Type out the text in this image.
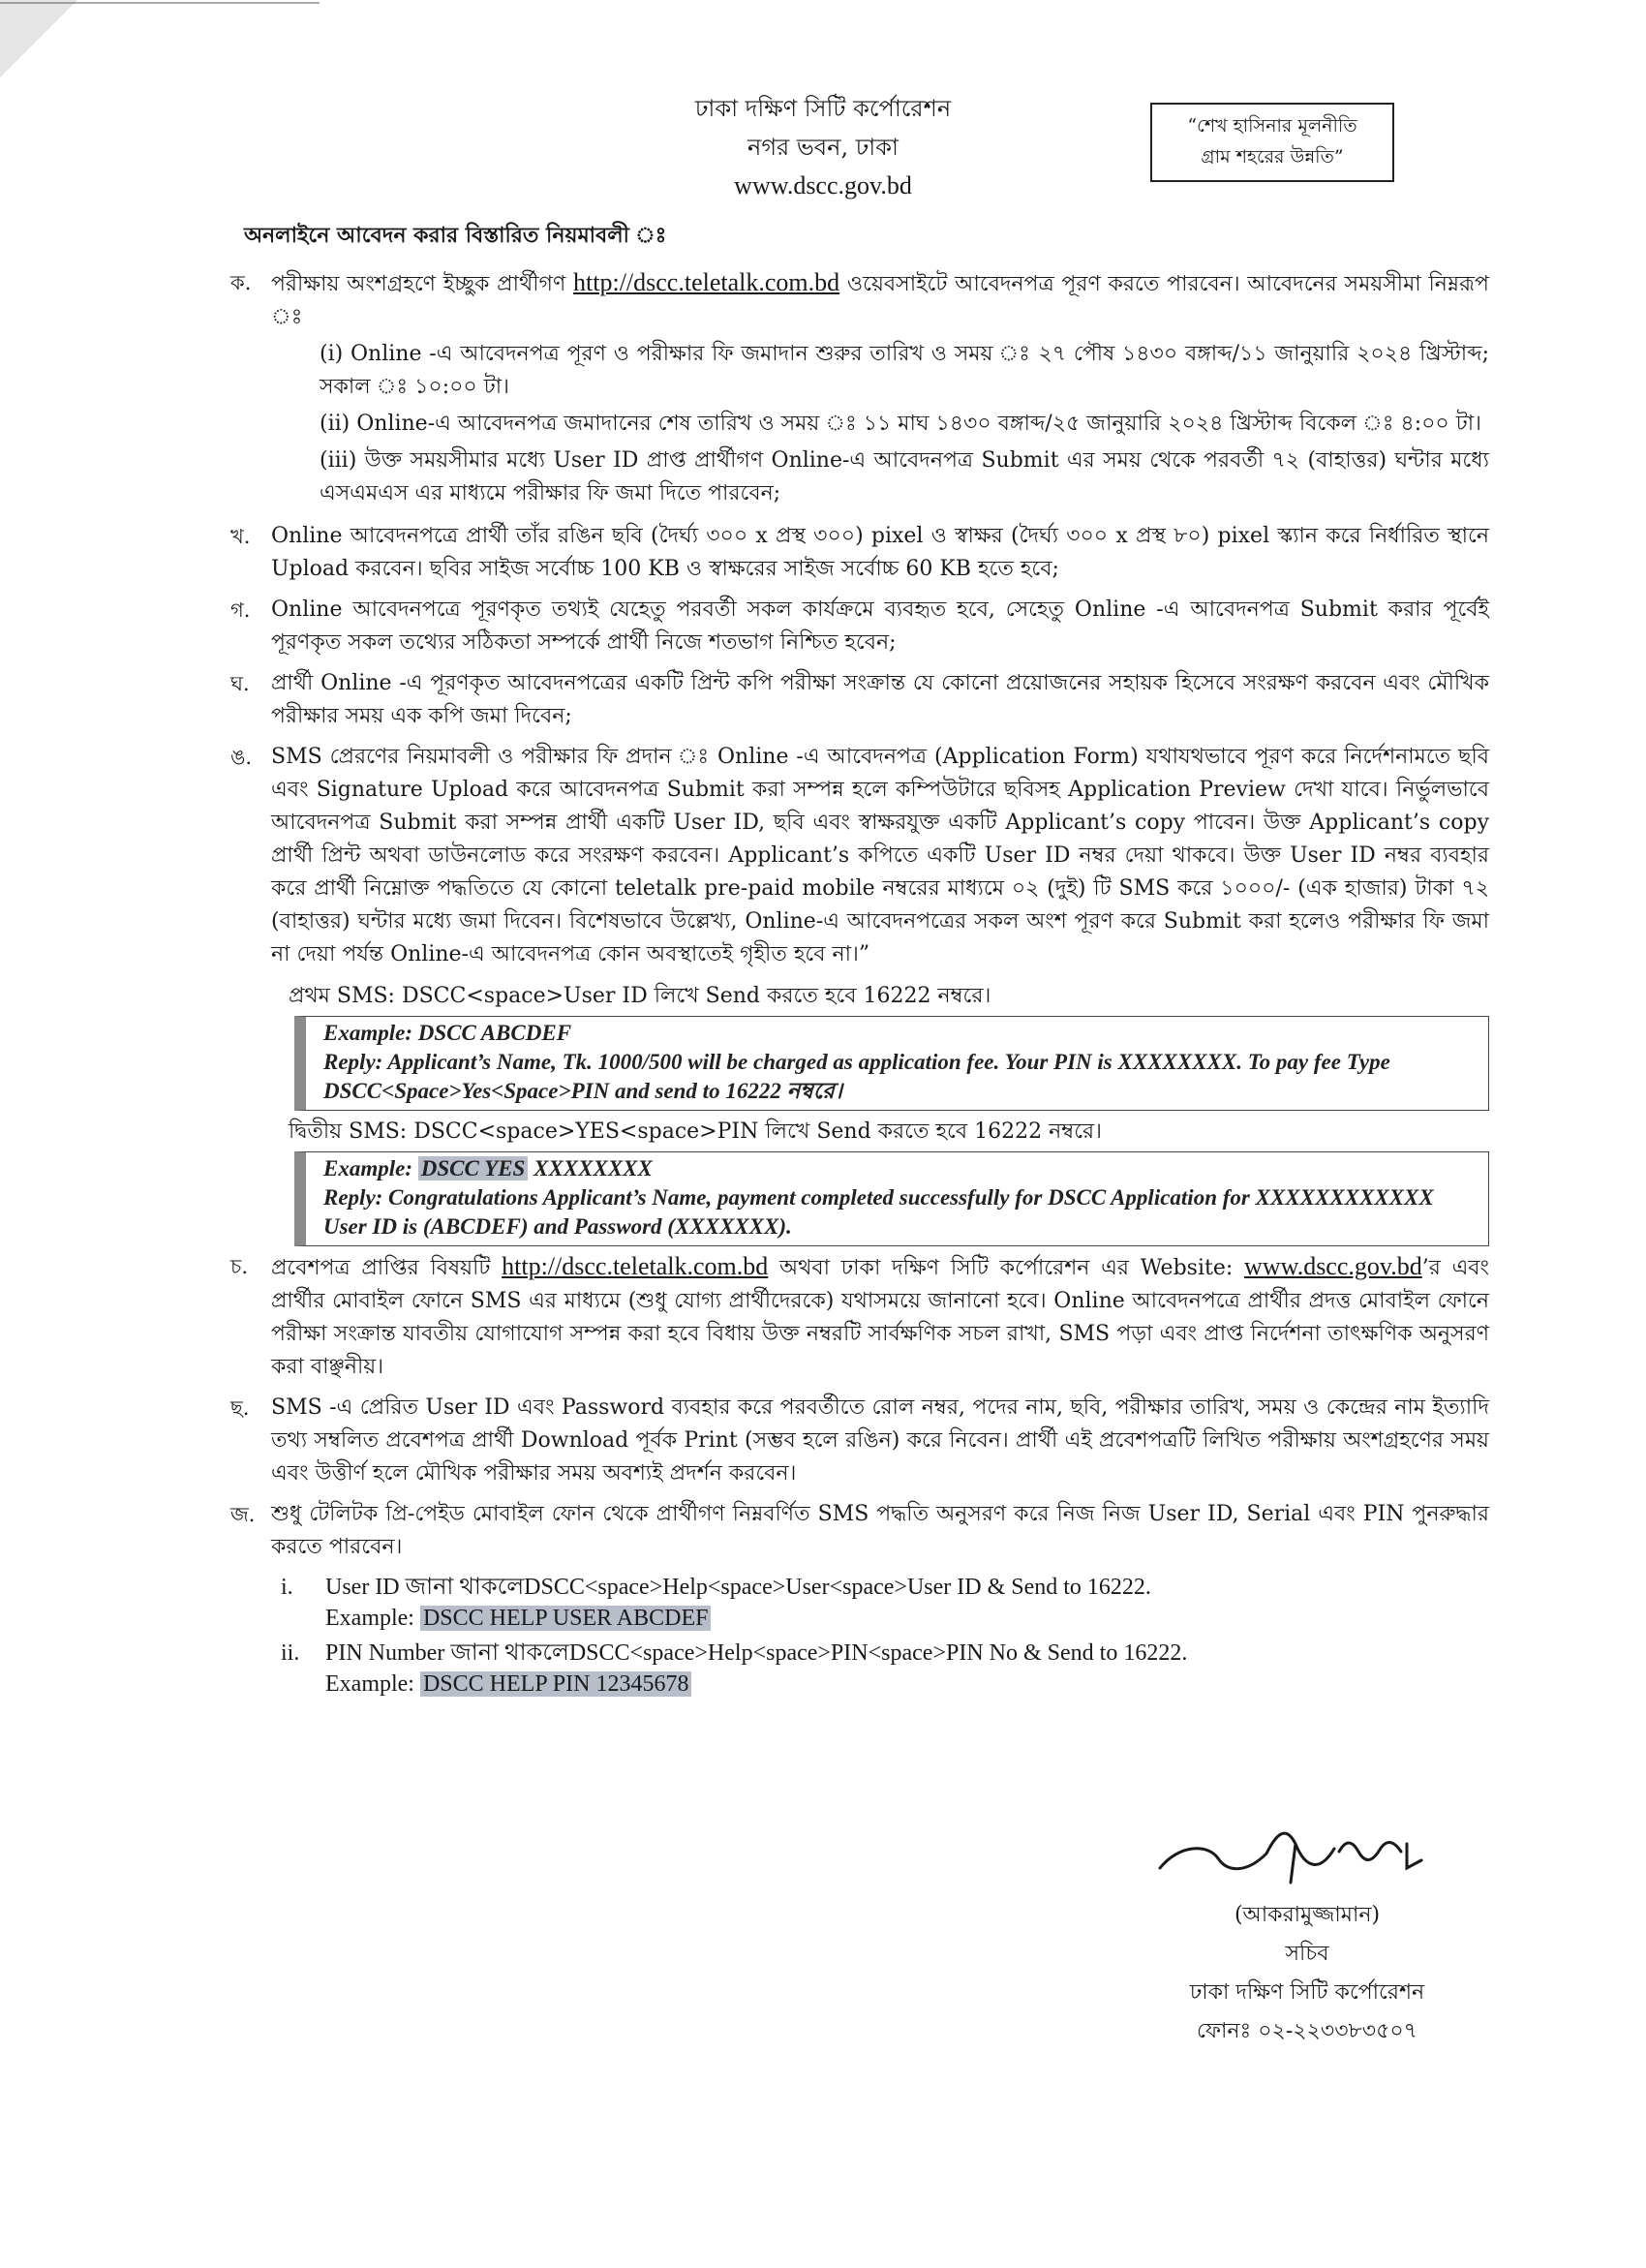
ঢাকা দক্ষিণ সিটি কর্পোরেশন
নগর ভবন, ঢাকা
www.dscc.gov.bd
“শেখ হাসিনার মূলনীতি
গ্রাম শহরের উন্নতি”
অনলাইনে আবেদন করার বিস্তারিত নিয়মাবলী ঃ
ক. পরীক্ষায় অংশগ্রহণে ইচ্ছুক প্রার্থীগণ http://dscc.teletalk.com.bd ওয়েবসাইটে আবেদনপত্র পূরণ করতে পারবেন। আবেদনের সময়সীমা নিম্নরূপ ঃ
(i) Online -এ আবেদনপত্র পূরণ ও পরীক্ষার ফি জমাদান শুরুর তারিখ ও সময় ঃ ২৭ পৌষ ১৪৩০ বঙ্গাব্দ/১১ জানুয়ারি ২০২৪ খ্রিস্টাব্দ; সকাল ঃ ১০:০০ টা।
(ii) Online-এ আবেদনপত্র জমাদানের শেষ তারিখ ও সময় ঃ ১১ মাঘ ১৪৩০ বঙ্গাব্দ/২৫ জানুয়ারি ২০২৪ খ্রিস্টাব্দ বিকেল ঃ ৪:০০ টা।
(iii) উক্ত সময়সীমার মধ্যে User ID প্রাপ্ত প্রার্থীগণ Online-এ আবেদনপত্র Submit এর সময় থেকে পরবর্তী ৭২ (বাহাত্তর) ঘন্টার মধ্যে এসএমএস এর মাধ্যমে পরীক্ষার ফি জমা দিতে পারবেন;
খ. Online আবেদনপত্রে প্রার্থী তাঁর রঙিন ছবি (দৈর্ঘ্য ৩০০ x প্রস্থ ৩০০) pixel ও স্বাক্ষর (দৈর্ঘ্য ৩০০ x প্রস্থ ৮০) pixel স্ক্যান করে নির্ধারিত স্থানে Upload করবেন। ছবির সাইজ সর্বোচ্চ 100 KB ও স্বাক্ষরের সাইজ সর্বোচ্চ 60 KB হতে হবে;
গ. Online আবেদনপত্রে পূরণকৃত তথ্যই যেহেতু পরবর্তী সকল কার্যক্রমে ব্যবহৃত হবে, সেহেতু Online -এ আবেদনপত্র Submit করার পূর্বেই পূরণকৃত সকল তথ্যের সঠিকতা সম্পর্কে প্রার্থী নিজে শতভাগ নিশ্চিত হবেন;
ঘ.	প্রার্থী Online -এ পূরণকৃত আবেদনপত্রের একটি প্রিন্ট কপি পরীক্ষা সংক্রান্ত যে কোনো প্রয়োজনের সহায়ক হিসেবে সংরক্ষণ করবেন এবং মৌখিক পরীক্ষার সময় এক কপি জমা দিবেন;
ঙ. SMS প্রেরণের নিয়মাবলী ও পরীক্ষার ফি প্রদান ঃ Online -এ আবেদনপত্র (Application Form) যথাযথভাবে পূরণ করে নির্দেশনামতে ছবি এবং Signature Upload করে আবেদনপত্র Submit করা সম্পন্ন হলে কম্পিউটারে ছবিসহ Application Preview দেখা যাবে। নির্ভুলভাবে আবেদনপত্র Submit করা সম্পন্ন প্রার্থী একটি User ID, ছবি এবং স্বাক্ষরযুক্ত একটি Applicant’s copy পাবেন। উক্ত Applicant’s copy প্রার্থী প্রিন্ট অথবা ডাউনলোড করে সংরক্ষণ করবেন। Applicant’s কপিতে একটি User ID নম্বর দেয়া থাকবে। উক্ত User ID নম্বর ব্যবহার করে প্রার্থী নিম্নোক্ত পদ্ধতিতে যে কোনো teletalk pre-paid mobile নম্বরের মাধ্যমে ০২ (দুই) টি SMS করে ১০০০/- (এক হাজার) টাকা ৭২ (বাহাত্তর) ঘন্টার মধ্যে জমা দিবেন। বিশেষভাবে উল্লেখ্য, Online-এ আবেদনপত্রের সকল অংশ পূরণ করে Submit করা হলেও পরীক্ষার ফি জমা না দেয়া পর্যন্ত Online-এ আবেদনপত্র কোন অবস্থাতেই গৃহীত হবে না।”
প্রথম SMS: DSCC<space>User ID লিখে Send করতে হবে 16222 নম্বরে।
Example: DSCC ABCDEF
Reply: Applicant’s Name, Tk. 1000/500 will be charged as application fee. Your PIN is XXXXXXXX. To pay fee Type DSCC<Space>Yes<Space>PIN and send to 16222 নম্বরে।
দ্বিতীয় SMS: DSCC<space>YES<space>PIN লিখে Send করতে হবে 16222 নম্বরে।
Example: DSCC YES XXXXXXXX
Reply: Congratulations Applicant’s Name, payment completed successfully for DSCC Application for XXXXXXXXXXXX User ID is (ABCDEF) and Password (XXXXXXX).
চ.	প্রবেশপত্র প্রাপ্তির বিষয়টি http://dscc.teletalk.com.bd অথবা ঢাকা দক্ষিণ সিটি কর্পোরেশন এর Website: www.dscc.gov.bd’র এবং প্রার্থীর মোবাইল ফোনে SMS এর মাধ্যমে (শুধু যোগ্য প্রার্থীদেরকে) যথাসময়ে জানানো হবে। Online আবেদনপত্রে প্রার্থীর প্রদত্ত মোবাইল ফোনে পরীক্ষা সংক্রান্ত যাবতীয় যোগাযোগ সম্পন্ন করা হবে বিধায় উক্ত নম্বরটি সার্বক্ষণিক সচল রাখা, SMS পড়া এবং প্রাপ্ত নির্দেশনা তাৎক্ষণিক অনুসরণ করা বাঞ্ছনীয়।
ছ.	SMS -এ প্রেরিত User ID এবং Password ব্যবহার করে পরবর্তীতে রোল নম্বর, পদের নাম, ছবি, পরীক্ষার তারিখ, সময় ও কেন্দ্রের নাম ইত্যাদি তথ্য সম্বলিত প্রবেশপত্র প্রার্থী Download পূর্বক Print (সম্ভব হলে রঙিন) করে নিবেন। প্রার্থী এই প্রবেশপত্রটি লিখিত পরীক্ষায় অংশগ্রহণের সময় এবং উত্তীর্ণ হলে মৌখিক পরীক্ষার সময় অবশ্যই প্রদর্শন করবেন।
জ. শুধু টেলিটক প্রি-পেইড মোবাইল ফোন থেকে প্রার্থীগণ নিম্নবর্ণিত SMS পদ্ধতি অনুসরণ করে নিজ নিজ User ID, Serial এবং PIN পুনরুদ্ধার করতে পারবেন।
i.	User ID জানা থাকলেDSCC<space>Help<space>User<space>User ID & Send to 16222.
Example: DSCC HELP USER ABCDEF
ii.	PIN Number জানা থাকলেDSCC<space>Help<space>PIN<space>PIN No & Send to 16222.
Example: DSCC HELP PIN 12345678
(আকরামুজ্জামান)
সচিব
ঢাকা দক্ষিণ সিটি কর্পোরেশন
ফোনঃ ০২-২২৩৩৮৩৫০৭
